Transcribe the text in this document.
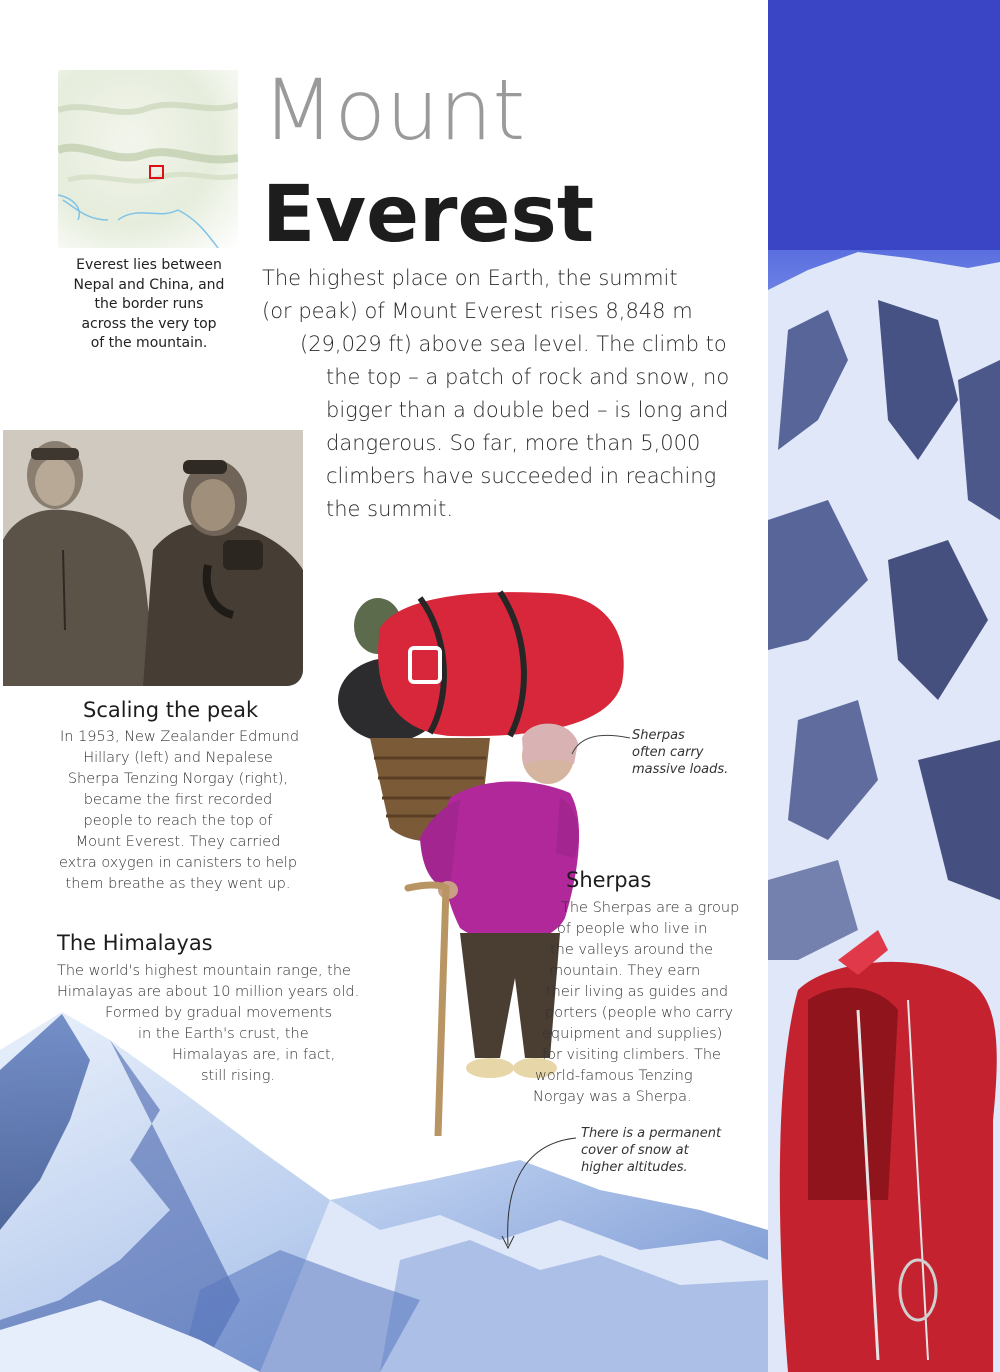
Everest lies between
Nepal and China, and
the border runs
across the very top
of the mountain.
Mount
Everest
The highest place on Earth, the summit
(or peak) of Mount Everest rises 8,848 m
(29,029 ft) above sea level. The climb to
the top – a patch of rock and snow, no
bigger than a double bed – is long and
dangerous. So far, more than 5,000
climbers have succeeded in reaching
the summit.
Scaling the peak
In 1953, New Zealander Edmund
Hillary (left) and Nepalese
Sherpa Tenzing Norgay (right),
became the first recorded
people to reach the top of
Mount Everest. They carried
extra oxygen in canisters to help
them breathe as they went up.
The Himalayas
The world's highest mountain range, the
Himalayas are about 10 million years old.
Formed by gradual movements
in the Earth's crust, the
Himalayas are, in fact,
still rising.
Sherpas
often carry
massive loads.
Sherpas
The Sherpas are a group
of people who live in
the valleys around the
mountain. They earn
their living as guides and
porters (people who carry
equipment and supplies)
for visiting climbers. The
world-famous Tenzing
Norgay was a Sherpa.
There is a permanent
cover of snow at
higher altitudes.
